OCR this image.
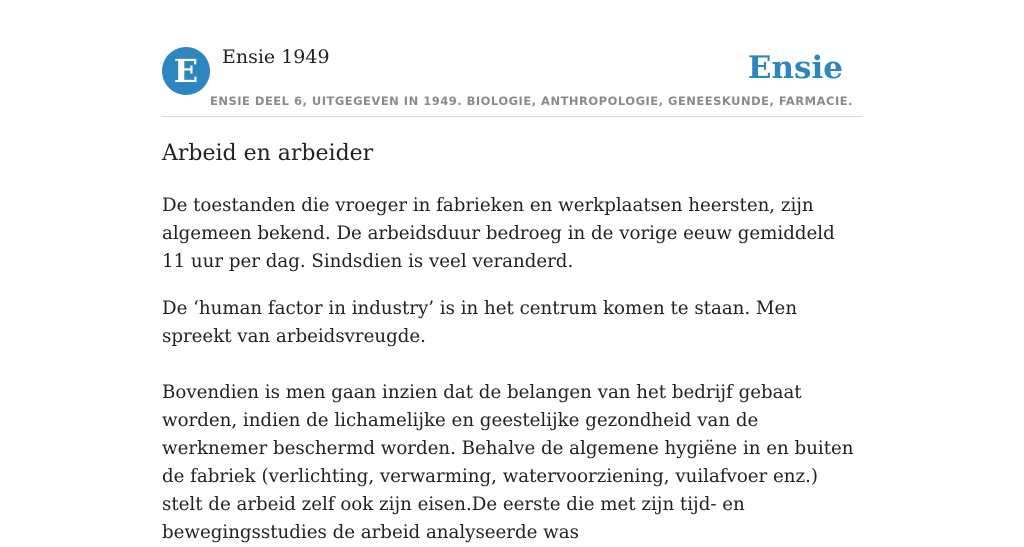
E	Ensie 1949	Ensie
ENSIE DEEL 6, UITGEGEVEN IN 1949. BIOLOGIE, ANTHROPOLOGIE, GENEESKUNDE, FARMACIE.
Arbeid en arbeider

De toestanden die vroeger in fabrieken en werkplaatsen heersten, zijn algemeen bekend. De arbeidsduur bedroeg in de vorige eeuw gemiddeld 11 uur per dag. Sindsdien is veel veranderd.

De ‘human factor in industry’ is in het centrum komen te staan. Men spreekt van arbeidsvreugde.

Bovendien is men gaan inzien dat de belangen van het bedrijf gebaat worden, indien de lichamelijke en geestelijke gezondheid van de werknemer beschermd worden. Behalve de algemene hygiëne in en buiten de fabriek (verlichting, verwarming, watervoorziening, vuilafvoer enz.) stelt de arbeid zelf ook zijn eisen.De eerste die met zijn tijd- en bewegingsstudies de arbeid analyseerde was
